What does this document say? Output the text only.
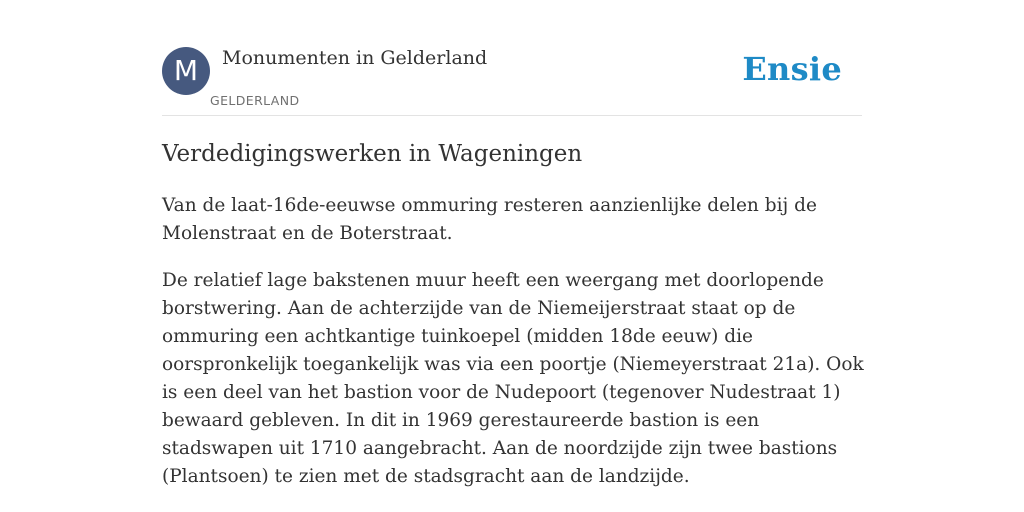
M	Monumenten in Gelderland
GELDERLAND
Ensie
Verdedigingswerken in Wageningen

Van de laat-16de-eeuwse ommuring resteren aanzienlijke delen bij de Molenstraat en de Boterstraat.

De relatief lage bakstenen muur heeft een weergang met doorlopende borstwering. Aan de achterzijde van de Niemeijerstraat staat op de ommuring een achtkantige tuinkoepel (midden 18de eeuw) die oorspronkelijk toegankelijk was via een poortje (Niemeyerstraat 21a). Ook is een deel van het bastion voor de Nudepoort (tegenover Nudestraat 1) bewaard gebleven. In dit in 1969 gerestaureerde bastion is een stadswapen uit 1710 aangebracht. Aan de noordzijde zijn twee bastions (Plantsoen) te zien met de stadsgracht aan de landzijde.
